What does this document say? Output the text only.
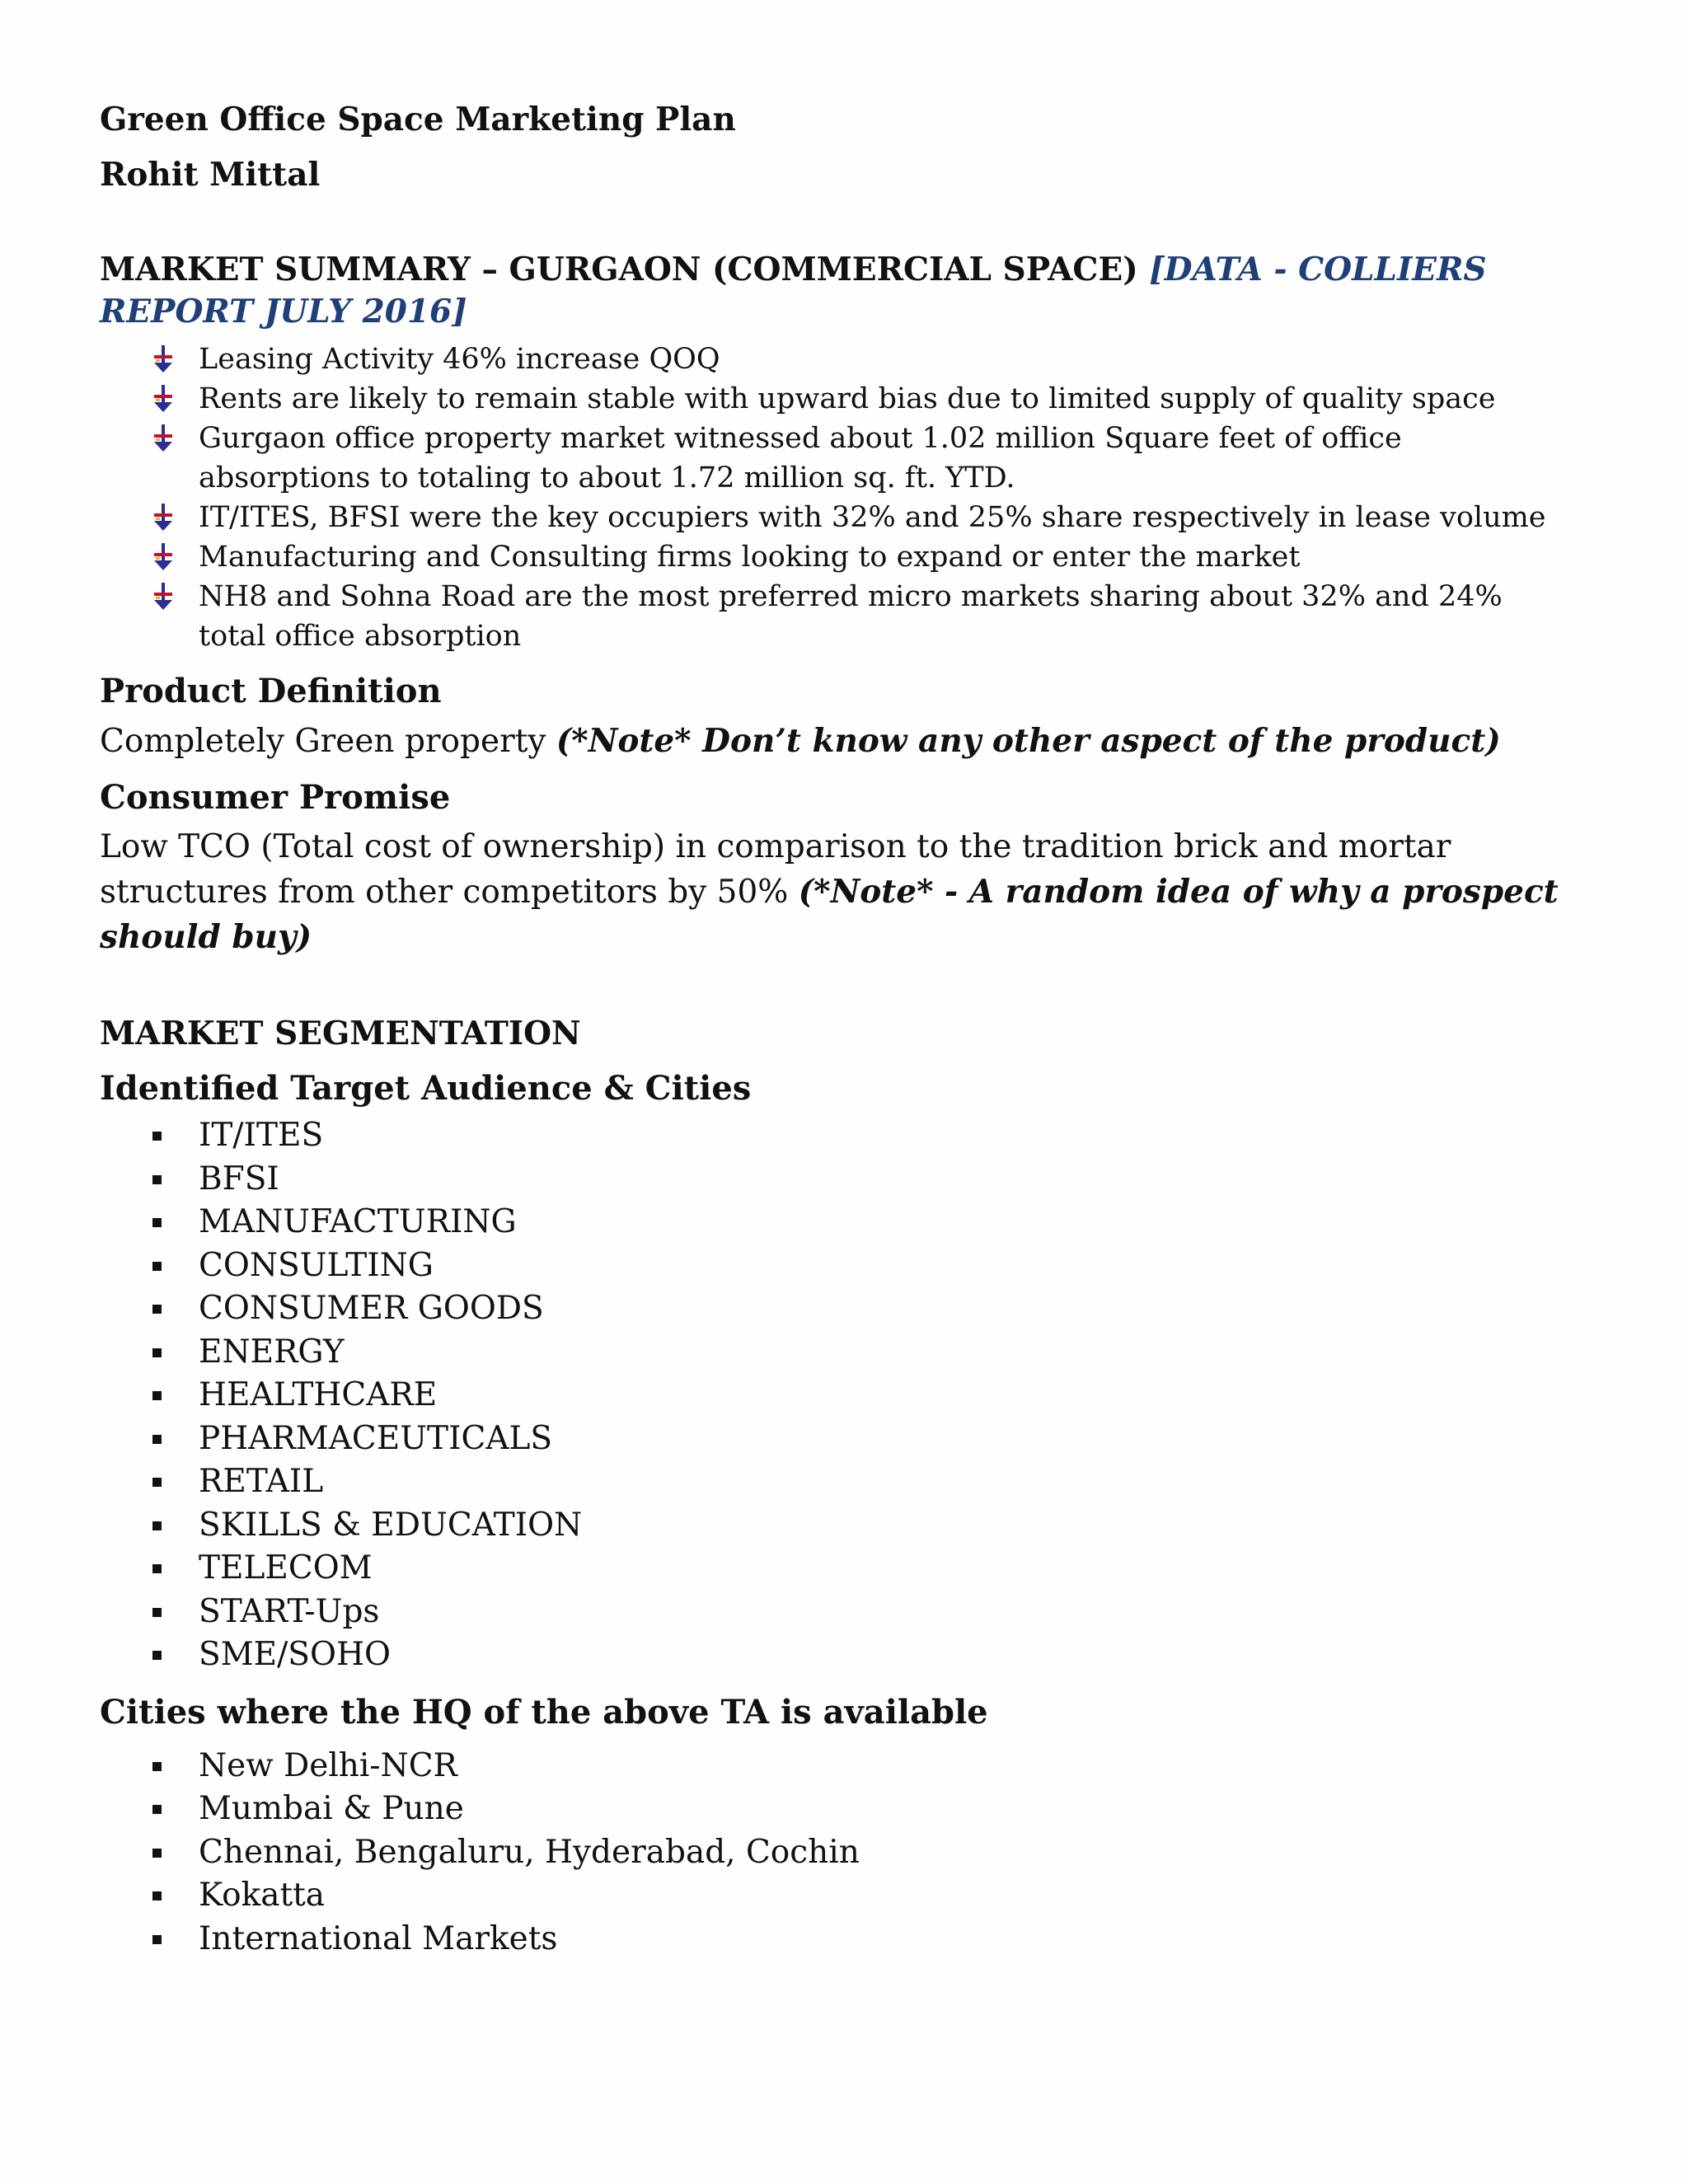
Green Office Space Marketing Plan

Rohit Mittal

MARKET SUMMARY – GURGAON (COMMERCIAL SPACE) [DATA - COLLIERS REPORT JULY 2016]

Leasing Activity 46% increase QOQ
Rents are likely to remain stable with upward bias due to limited supply of quality space
Gurgaon office property market witnessed about 1.02 million Square feet of office absorptions to totaling to about 1.72 million sq. ft. YTD.
IT/ITES, BFSI were the key occupiers with 32% and 25% share respectively in lease volume
Manufacturing and Consulting firms looking to expand or enter the market
NH8 and Sohna Road are the most preferred micro markets sharing about 32% and 24% total office absorption

Product Definition

Completely Green property (*Note* Don’t know any other aspect of the product)

Consumer Promise

Low TCO (Total cost of ownership) in comparison to the tradition brick and mortar structures from other competitors by 50% (*Note* - A random idea of why a prospect should buy)

MARKET SEGMENTATION

Identified Target Audience & Cities

IT/ITES
BFSI
MANUFACTURING
CONSULTING
CONSUMER GOODS
ENERGY
HEALTHCARE
PHARMACEUTICALS
RETAIL
SKILLS & EDUCATION
TELECOM
START-Ups
SME/SOHO

Cities where the HQ of the above TA is available

New Delhi-NCR
Mumbai & Pune
Chennai, Bengaluru, Hyderabad, Cochin
Kokatta
International Markets
